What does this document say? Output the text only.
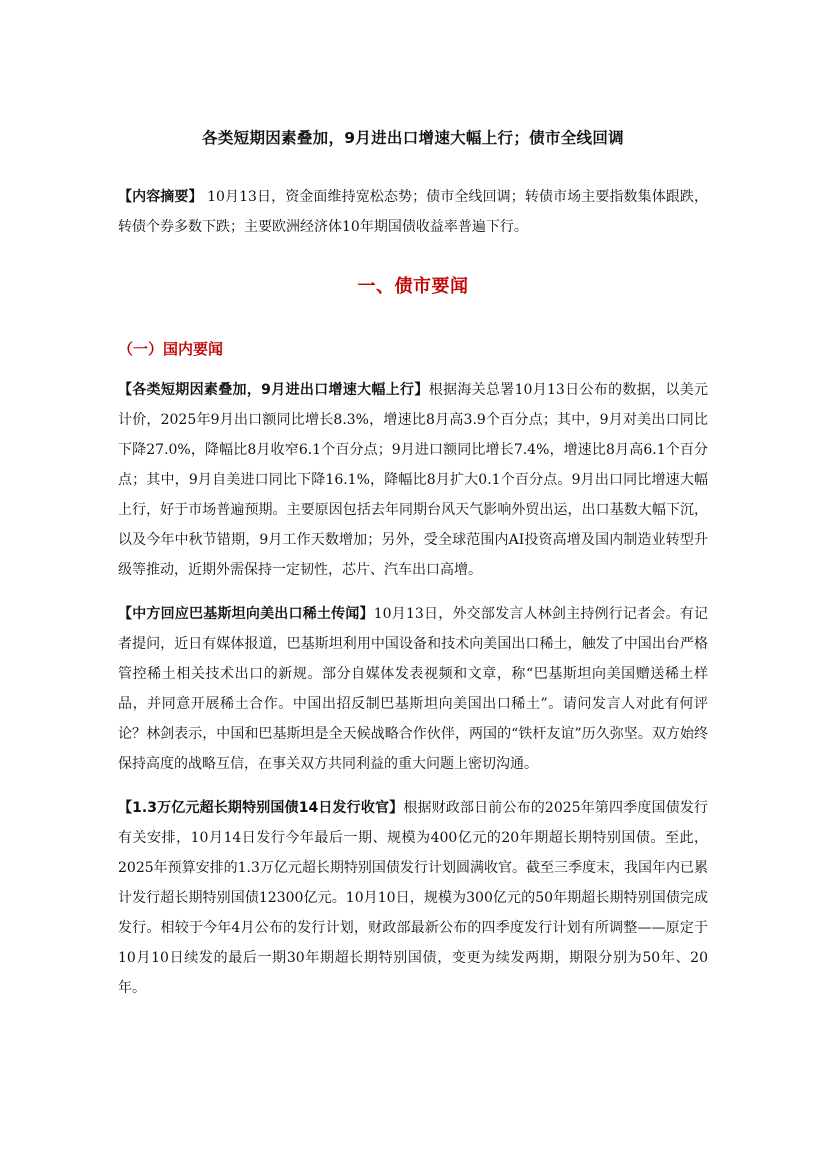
各类短期因素叠加，9月进出口增速大幅上行；债市全线回调

【内容摘要】 10月13日，资金面维持宽松态势；债市全线回调；转债市场主要指数集体跟跌，转债个券多数下跌；主要欧洲经济体10年期国债收益率普遍下行。

一、债市要闻
（一）国内要闻

【各类短期因素叠加，9月进出口增速大幅上行】根据海关总署10月13日公布的数据，以美元计价，2025年9月出口额同比增长8.3%，增速比8月高3.9个百分点；其中，9月对美出口同比下降27.0%，降幅比8月收窄6.1个百分点；9月进口额同比增长7.4%，增速比8月高6.1个百分点；其中，9月自美进口同比下降16.1%，降幅比8月扩大0.1个百分点。9月出口同比增速大幅上行，好于市场普遍预期。主要原因包括去年同期台风天气影响外贸出运，出口基数大幅下沉，以及今年中秋节错期，9月工作天数增加；另外，受全球范围内AI投资高增及国内制造业转型升级等推动，近期外需保持一定韧性，芯片、汽车出口高增。

【中方回应巴基斯坦向美出口稀土传闻】10月13日，外交部发言人林剑主持例行记者会。有记者提问，近日有媒体报道，巴基斯坦利用中国设备和技术向美国出口稀土，触发了中国出台严格管控稀土相关技术出口的新规。部分自媒体发表视频和文章，称“巴基斯坦向美国赠送稀土样品，并同意开展稀土合作。中国出招反制巴基斯坦向美国出口稀土”。请问发言人对此有何评论？林剑表示，中国和巴基斯坦是全天候战略合作伙伴，两国的“铁杆友谊”历久弥坚。双方始终保持高度的战略互信，在事关双方共同利益的重大问题上密切沟通。

【1.3万亿元超长期特别国债14日发行收官】根据财政部日前公布的2025年第四季度国债发行有关安排，10月14日发行今年最后一期、规模为400亿元的20年期超长期特别国债。至此，2025年预算安排的1.3万亿元超长期特别国债发行计划圆满收官。截至三季度末，我国年内已累计发行超长期特别国债12300亿元。10月10日，规模为300亿元的50年期超长期特别国债完成发行。相较于今年4月公布的发行计划，财政部最新公布的四季度发行计划有所调整——原定于10月10日续发的最后一期30年期超长期特别国债，变更为续发两期，期限分别为50年、20年。
